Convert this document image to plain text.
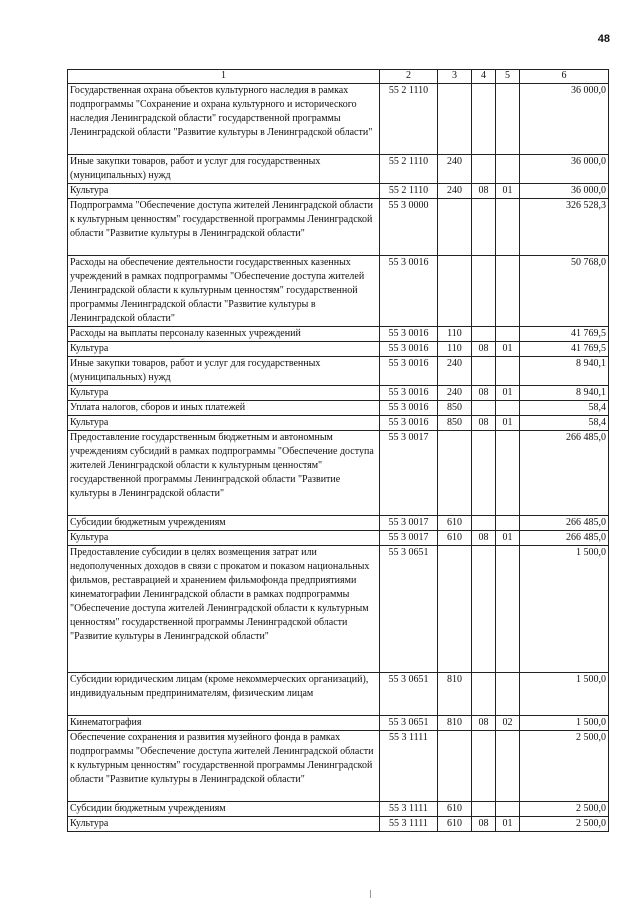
48
1	2	3	4	5	6
Государственная охрана объектов культурного наследия в рамках подпрограммы "Сохранение и охрана культурного и исторического наследия Ленинградской области" государственной программы Ленинградской области "Развитие культуры в Ленинградской области"	55 2 1110				36 000,0
Иные закупки товаров, работ и услуг для государственных (муниципальных) нужд	55 2 1110	240			36 000,0
Культура	55 2 1110	240	08	01	36 000,0
Подпрограмма "Обеспечение доступа жителей Ленинградской области к культурным ценностям" государственной программы Ленинградской области "Развитие культуры в Ленинградской области"	55 3 0000				326 528,3
Расходы на обеспечение деятельности государственных казенных учреждений в рамках подпрограммы "Обеспечение доступа жителей Ленинградской области к культурным ценностям" государственной программы Ленинградской области "Развитие культуры в Ленинградской области"	55 3 0016				50 768,0
Расходы на выплаты персоналу казенных учреждений	55 3 0016	110			41 769,5
Культура	55 3 0016	110	08	01	41 769,5
Иные закупки товаров, работ и услуг для государственных (муниципальных) нужд	55 3 0016	240			8 940,1
Культура	55 3 0016	240	08	01	8 940,1
Уплата налогов, сборов и иных платежей	55 3 0016	850			58,4
Культура	55 3 0016	850	08	01	58,4
Предоставление государственным бюджетным и автономным учреждениям субсидий в рамках подпрограммы "Обеспечение доступа жителей Ленинградской области к культурным ценностям" государственной программы Ленинградской области "Развитие культуры в Ленинградской области"	55 3 0017				266 485,0
Субсидии бюджетным учреждениям	55 3 0017	610			266 485,0
Культура	55 3 0017	610	08	01	266 485,0
Предоставление субсидии в целях возмещения затрат или недополученных доходов в связи с прокатом и показом национальных фильмов, реставрацией и хранением фильмофонда предприятиями кинематографии Ленинградской области в рамках подпрограммы "Обеспечение доступа жителей Ленинградской области к культурным ценностям" государственной программы Ленинградской области "Развитие культуры в Ленинградской области"	55 3 0651				1 500,0
Субсидии юридическим лицам (кроме некоммерческих организаций), индивидуальным предпринимателям, физическим лицам	55 3 0651	810			1 500,0
Кинематография	55 3 0651	810	08	02	1 500,0
Обеспечение сохранения и развития музейного фонда в рамках подпрограммы "Обеспечение доступа жителей Ленинградской области к культурным ценностям" государственной программы Ленинградской области "Развитие культуры в Ленинградской области"	55 3 1111				2 500,0
Субсидии бюджетным учреждениям	55 3 1111	610			2 500,0
Культура	55 3 1111	610	08	01	2 500,0
